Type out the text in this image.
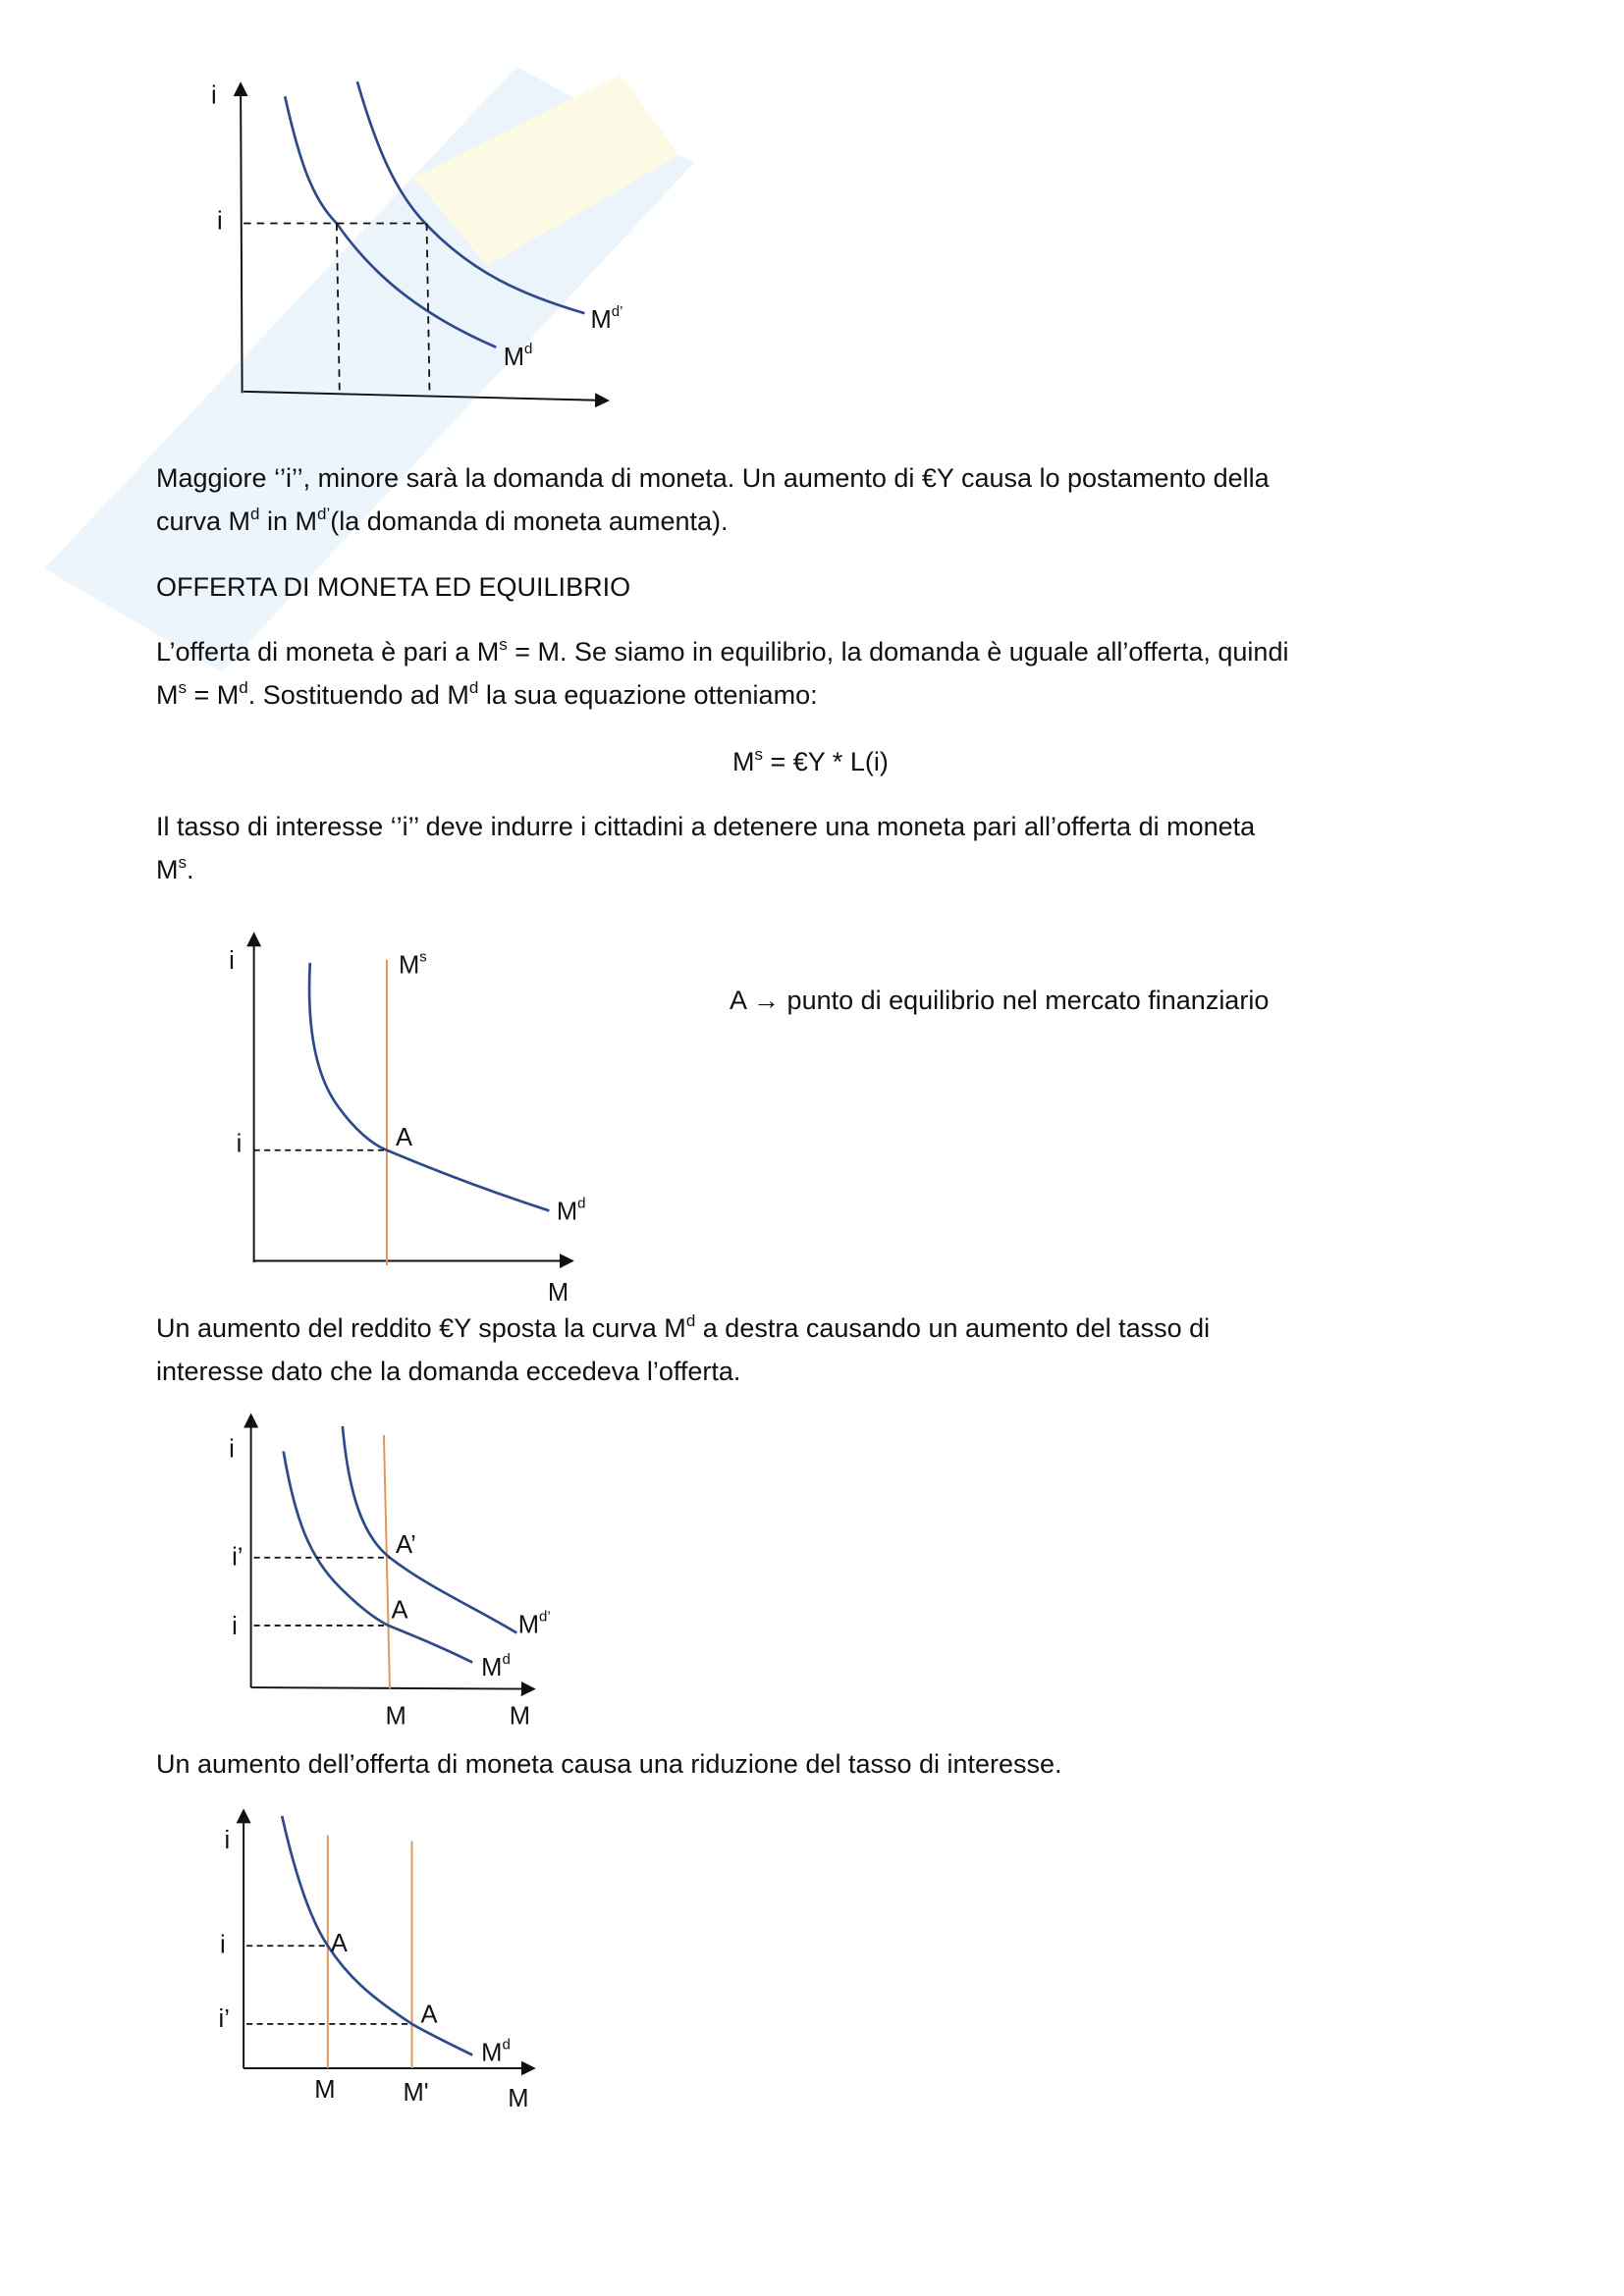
i
i
$M^{d’}$
$M^d$
i	$M^s$
i	A
$M^d$
M
i
i’
i
A’
A
$M^{d’}$
$M^d$
M	M
i
i
i’
A
A
$M^d$
M	M'	M
Maggiore ‘’i’’, minore sarà la domanda di moneta. Un aumento di €Y causa lo postamento della
curva $M^d$ in $M^{d’}(la$ domanda di moneta aumenta).
OFFERTA DI MONETA ED EQUILIBRIO
L’offerta di moneta è pari a $M^s = M$. Se siamo in equilibrio, la domanda è uguale all’offerta, quindi
$M^s = M^d$. Sostituendo ad $M^d$ la sua equazione otteniamo:
$M^s$ = €Y * L(i)
Il tasso di interesse ‘’i’’ deve indurre i cittadini a detenere una moneta pari all’offerta di moneta
$M^s$.
A → punto di equilibrio nel mercato finanziario
Un aumento del reddito €Y sposta la curva $M^d$ a destra causando un aumento del tasso di
interesse dato che la domanda eccedeva l’offerta.
Un aumento dell’offerta di moneta causa una riduzione del tasso di interesse.
